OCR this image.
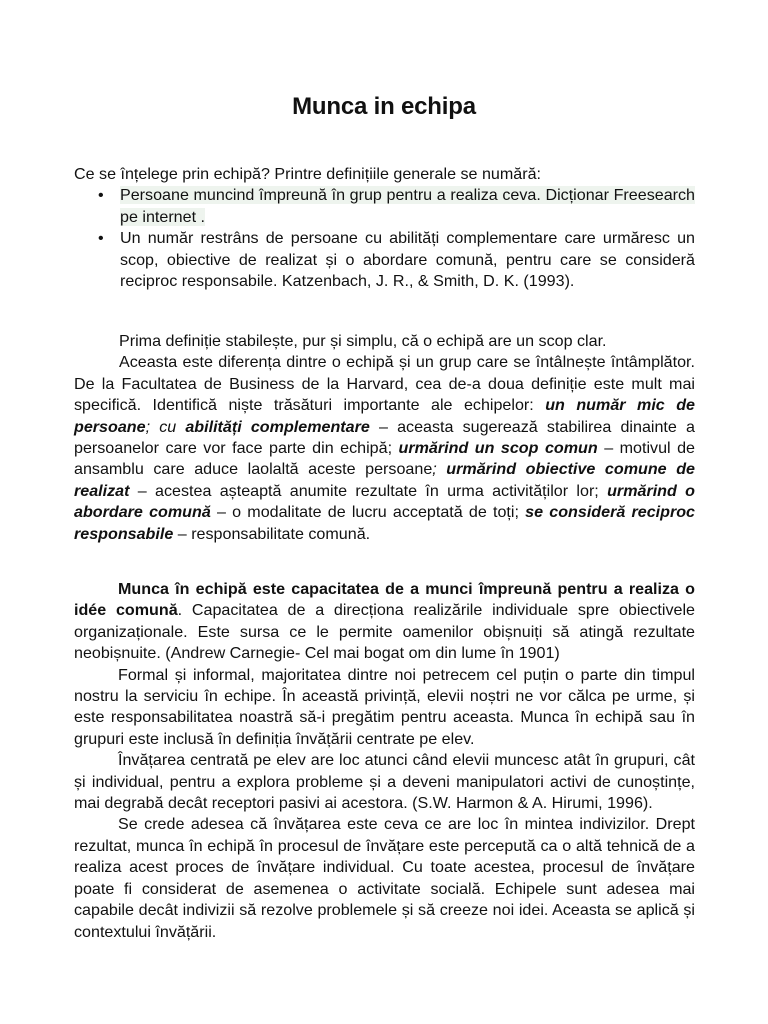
Munca in echipa

Ce se înțelege prin echipă? Printre definițiile generale se numără:

• Persoane muncind împreună în grup pentru a realiza ceva. Dicționar Freesearch pe internet .
• Un număr restrâns de persoane cu abilități complementare care urmăresc un scop, obiective de realizat și o abordare comună, pentru care se consideră reciproc responsabile. Katzenbach, J. R., & Smith, D. K. (1993).

Prima definiție stabilește, pur și simplu, că o echipă are un scop clar.

Aceasta este diferența dintre o echipă și un grup care se întâlnește întâmplător. De la Facultatea de Business de la Harvard, cea de-a doua definiție este mult mai specifică. Identifică niște trăsături importante ale echipelor: un număr mic de persoane; cu abilități complementare – aceasta sugerează stabilirea dinainte a persoanelor care vor face parte din echipă; urmărind un scop comun – motivul de ansamblu care aduce laolaltă aceste persoane; urmărind obiective comune de realizat – acestea așteaptă anumite rezultate în urma activităților lor; urmărind o abordare comună – o modalitate de lucru acceptată de toți; se consideră reciproc responsabile – responsabilitate comună.

Munca în echipă este capacitatea de a munci împreună pentru a realiza o idée comună. Capacitatea de a direcționa realizările individuale spre obiectivele organizaționale. Este sursa ce le permite oamenilor obișnuiți să atingă rezultate neobișnuite. (Andrew Carnegie- Cel mai bogat om din lume în 1901)

Formal și informal, majoritatea dintre noi petrecem cel puțin o parte din timpul nostru la serviciu în echipe. În această privință, elevii noștri ne vor călca pe urme, și este responsabilitatea noastră să-i pregătim pentru aceasta. Munca în echipă sau în grupuri este inclusă în definiția învățării centrate pe elev.

Învățarea centrată pe elev are loc atunci când elevii muncesc atât în grupuri, cât și individual, pentru a explora probleme și a deveni manipulatori activi de cunoștințe, mai degrabă decât receptori pasivi ai acestora. (S.W. Harmon & A. Hirumi, 1996).

Se crede adesea că învățarea este ceva ce are loc în mintea indivizilor. Drept rezultat, munca în echipă în procesul de învățare este percepută ca o altă tehnică de a realiza acest proces de învățare individual. Cu toate acestea, procesul de învățare poate fi considerat de asemenea o activitate socială. Echipele sunt adesea mai capabile decât indivizii să rezolve problemele și să creeze noi idei. Aceasta se aplică și contextului învățării.
